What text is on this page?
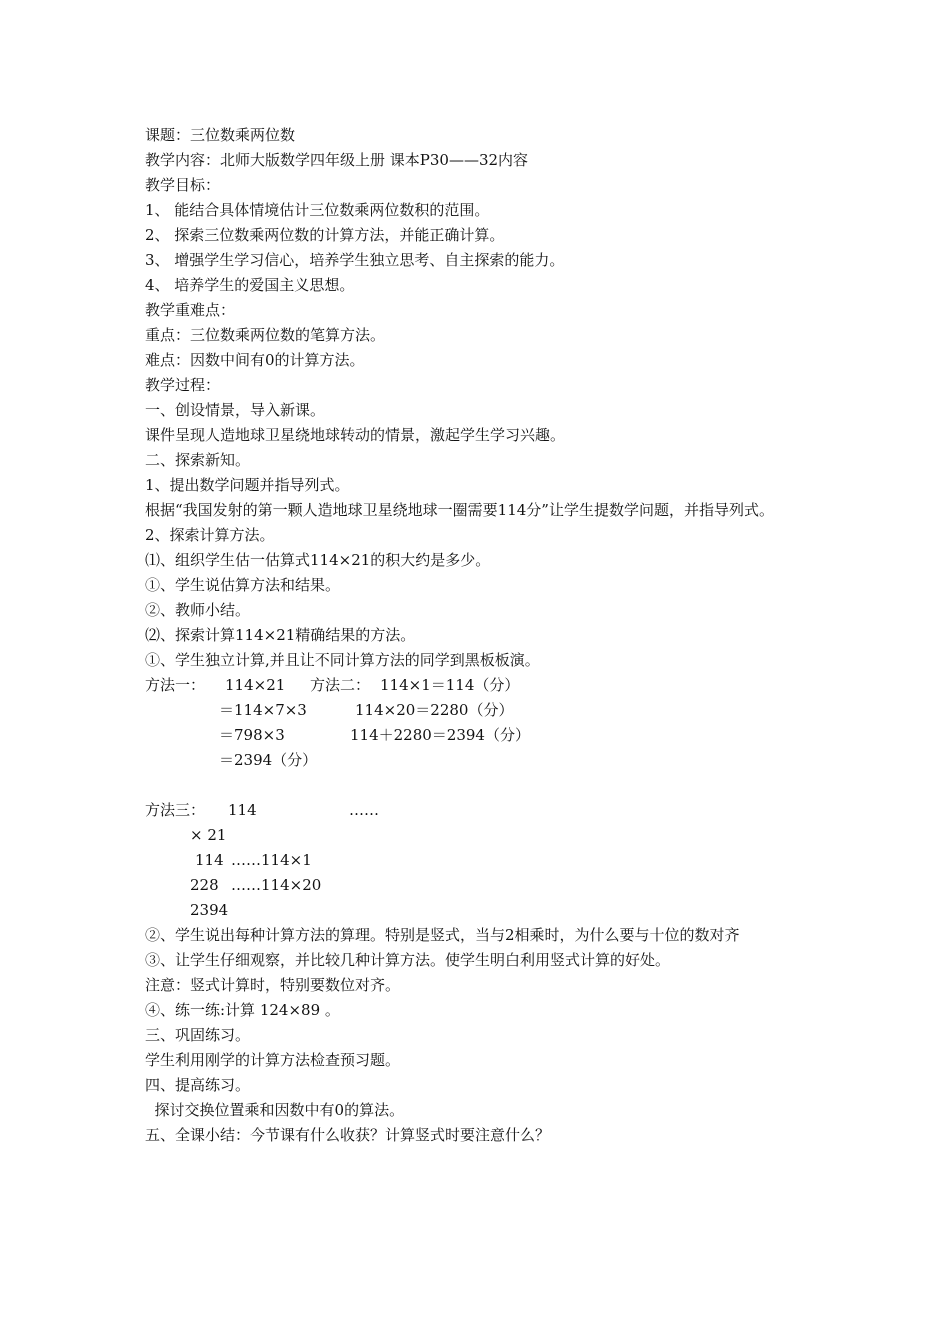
课题：三位数乘两位数
教学内容：北师大版数学四年级上册 课本P30——32内容
教学目标：
1、 能结合具体情境估计三位数乘两位数积的范围。
2、 探索三位数乘两位数的计算方法，并能正确计算。
3、 增强学生学习信心，培养学生独立思考、自主探索的能力。
4、 培养学生的爱国主义思想。
教学重难点：
重点：三位数乘两位数的笔算方法。
难点：因数中间有0的计算方法。
教学过程：
一、创设情景，导入新课。
课件呈现人造地球卫星绕地球转动的情景，激起学生学习兴趣。
二、探索新知。
1、提出数学问题并指导列式。
根据“我国发射的第一颗人造地球卫星绕地球一圈需要114分”让学生提数学问题，并指导列式。
2、探索计算方法。
⑴、组织学生估一估算式114×21的积大约是多少。
①、学生说估算方法和结果。
②、教师小结。
⑵、探索计算114×21精确结果的方法。
①、学生独立计算,并且让不同计算方法的同学到黑板板演。
方法一： 114×21 方法二： 114×1＝114（分）
＝114×7×3	114×20＝2280（分）
＝798×3	114＋2280＝2394（分）
＝2394（分）
方法三： 114	……
× 21
114 ……114×1
228 ……114×20
2394
②、学生说出每种计算方法的算理。特别是竖式，当与2相乘时，为什么要与十位的数对齐
③、让学生仔细观察，并比较几种计算方法。使学生明白利用竖式计算的好处。
注意：竖式计算时，特别要数位对齐。
④、练一练:计算 124×89 。
三、巩固练习。
学生利用刚学的计算方法检查预习题。
四、提高练习。
探讨交换位置乘和因数中有0的算法。
五、全课小结：今节课有什么收获？计算竖式时要注意什么？
